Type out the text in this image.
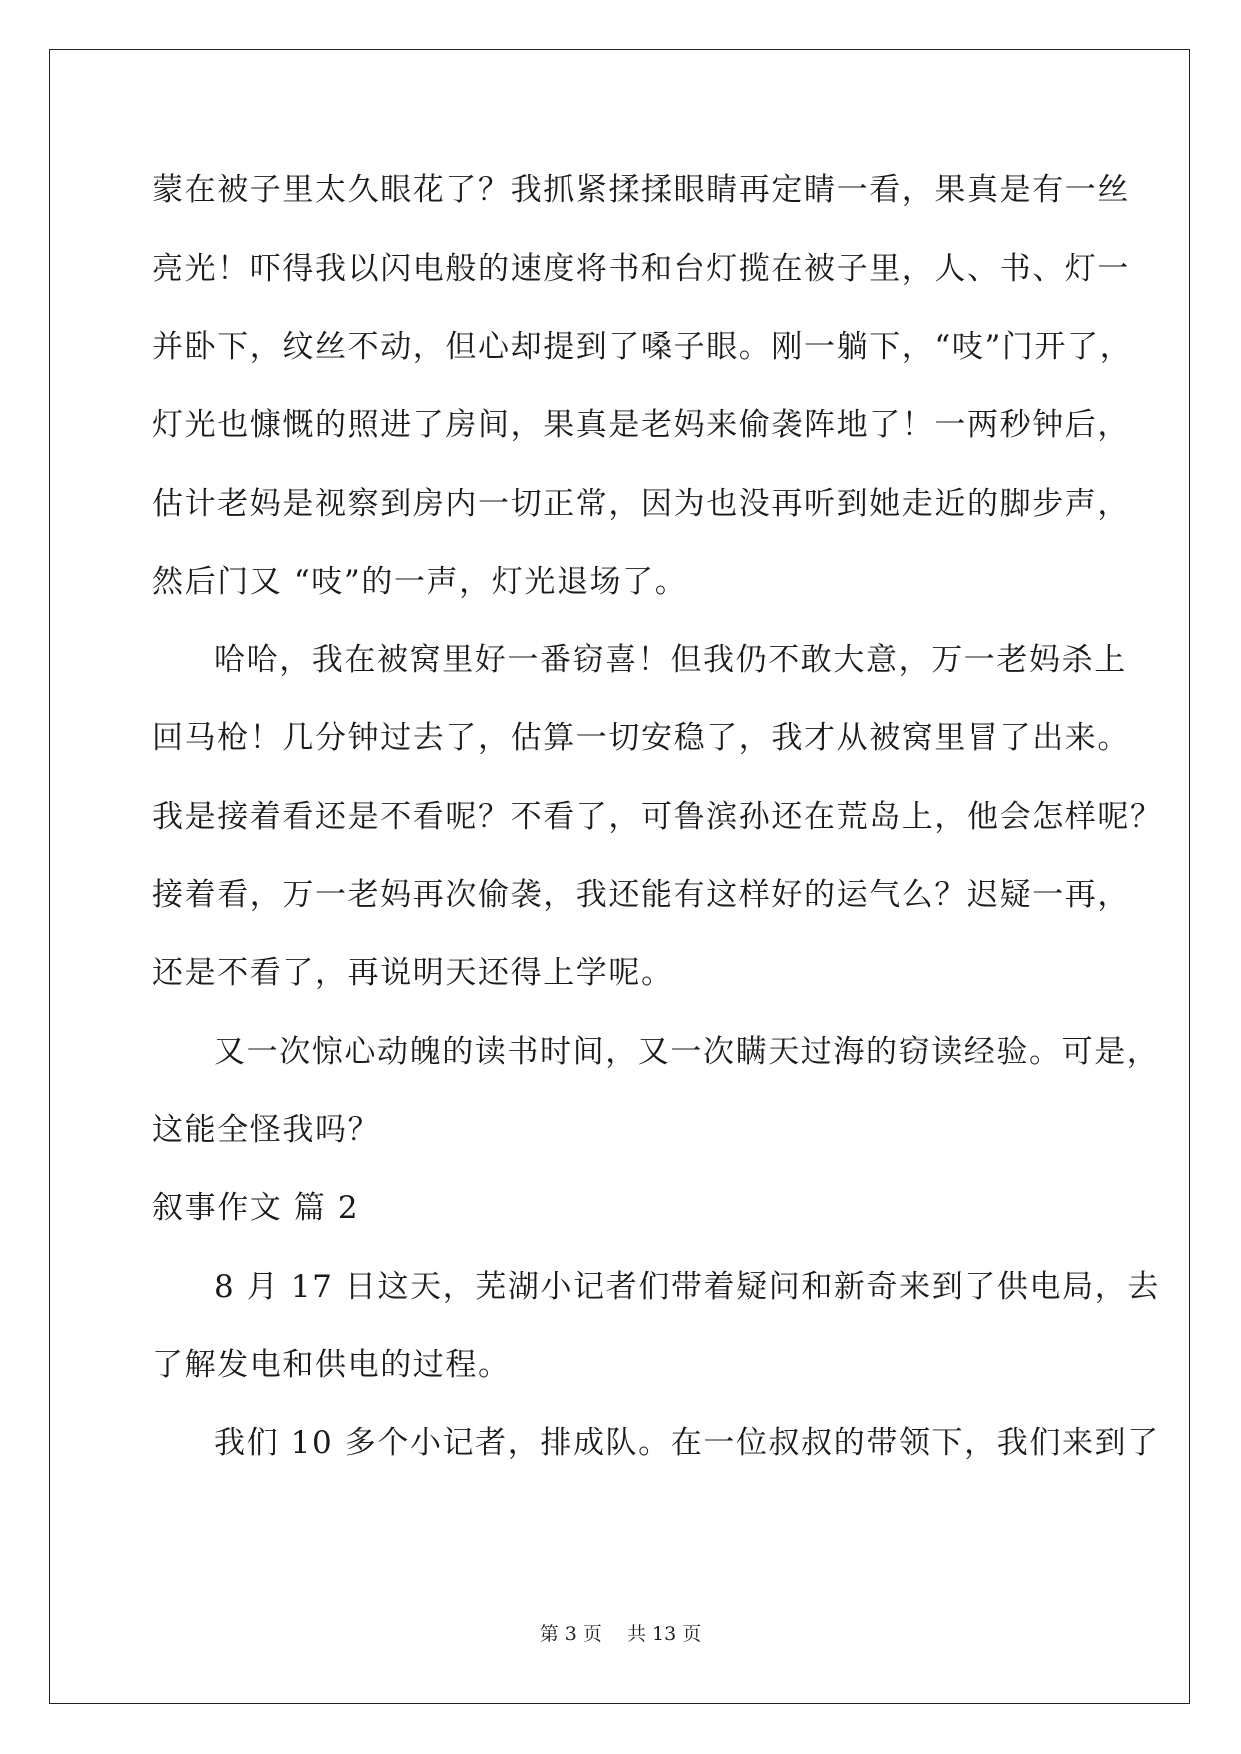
蒙在被子里太久眼花了？我抓紧揉揉眼睛再定睛一看，果真是有一丝
亮光！吓得我以闪电般的速度将书和台灯揽在被子里，人、书、灯一
并卧下，纹丝不动，但心却提到了嗓子眼。刚一躺下，“吱”门开了，
灯光也慷慨的照进了房间，果真是老妈来偷袭阵地了！一两秒钟后，
估计老妈是视察到房内一切正常，因为也没再听到她走近的脚步声，
然后门又 “吱”的一声，灯光退场了。
哈哈，我在被窝里好一番窃喜！但我仍不敢大意，万一老妈杀上
回马枪！几分钟过去了，估算一切安稳了，我才从被窝里冒了出来。
我是接着看还是不看呢？不看了，可鲁滨孙还在荒岛上，他会怎样呢？
接着看，万一老妈再次偷袭，我还能有这样好的运气么？迟疑一再，
还是不看了，再说明天还得上学呢。
又一次惊心动魄的读书时间，又一次瞒天过海的窃读经验。可是，
这能全怪我吗？
叙事作文 篇 2
8 月 17 日这天，芜湖小记者们带着疑问和新奇来到了供电局，去
了解发电和供电的过程。
我们 10 多个小记者，排成队。在一位叔叔的带领下，我们来到了
第 3 页　 共 13 页
